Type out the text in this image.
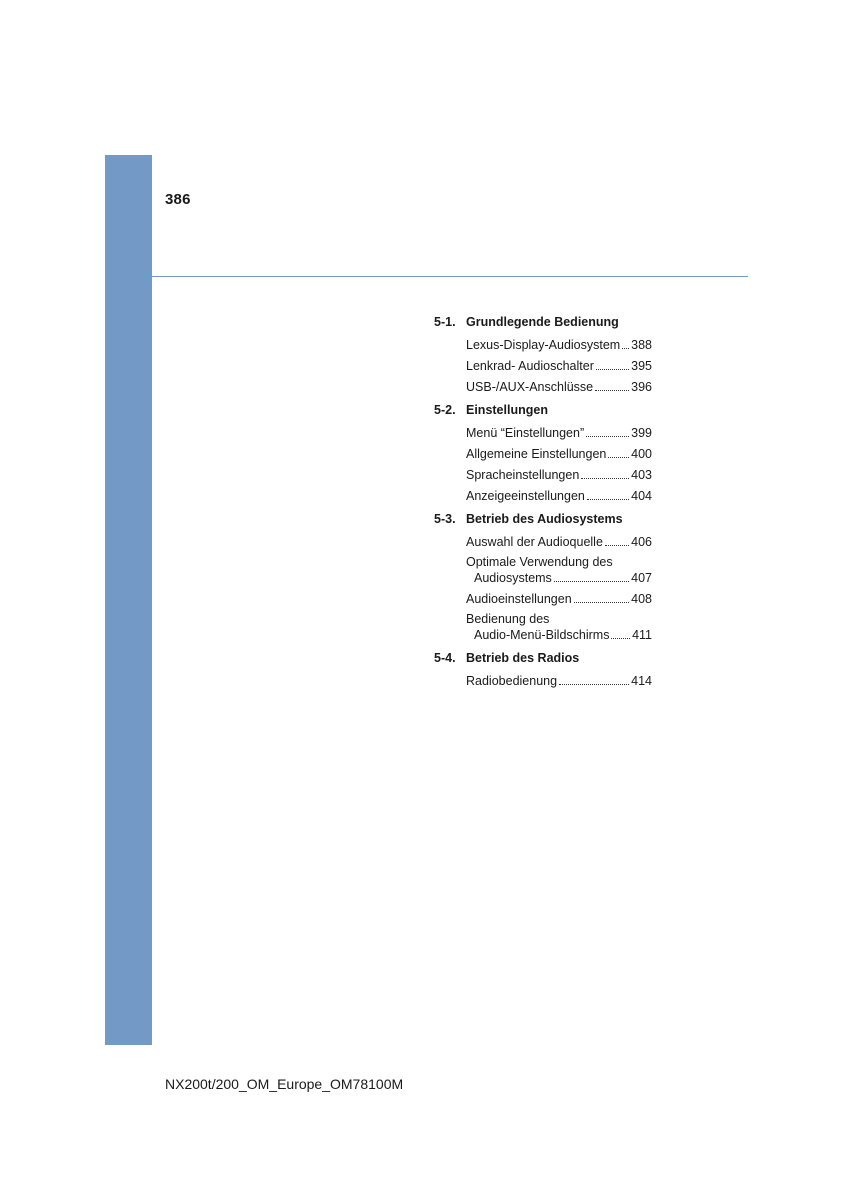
386
5-1. Grundlegende Bedienung
Lexus-Display-Audiosystem 388
Lenkrad- Audioschalter	395
USB-/AUX-Anschlüsse	396
5-2. Einstellungen
Menü “Einstellungen”	399
Allgemeine Einstellungen 400
Spracheinstellungen	403
Anzeigeeinstellungen	404
5-3. Betrieb des Audiosystems
Auswahl der Audioquelle 406
Optimale Verwendung des
Audiosystems	407
Audioeinstellungen	408
Bedienung des
Audio-Menü-Bildschirms 411
5-4. Betrieb des Radios
Radiobedienung	414
NX200t/200_OM_Europe_OM78100M
